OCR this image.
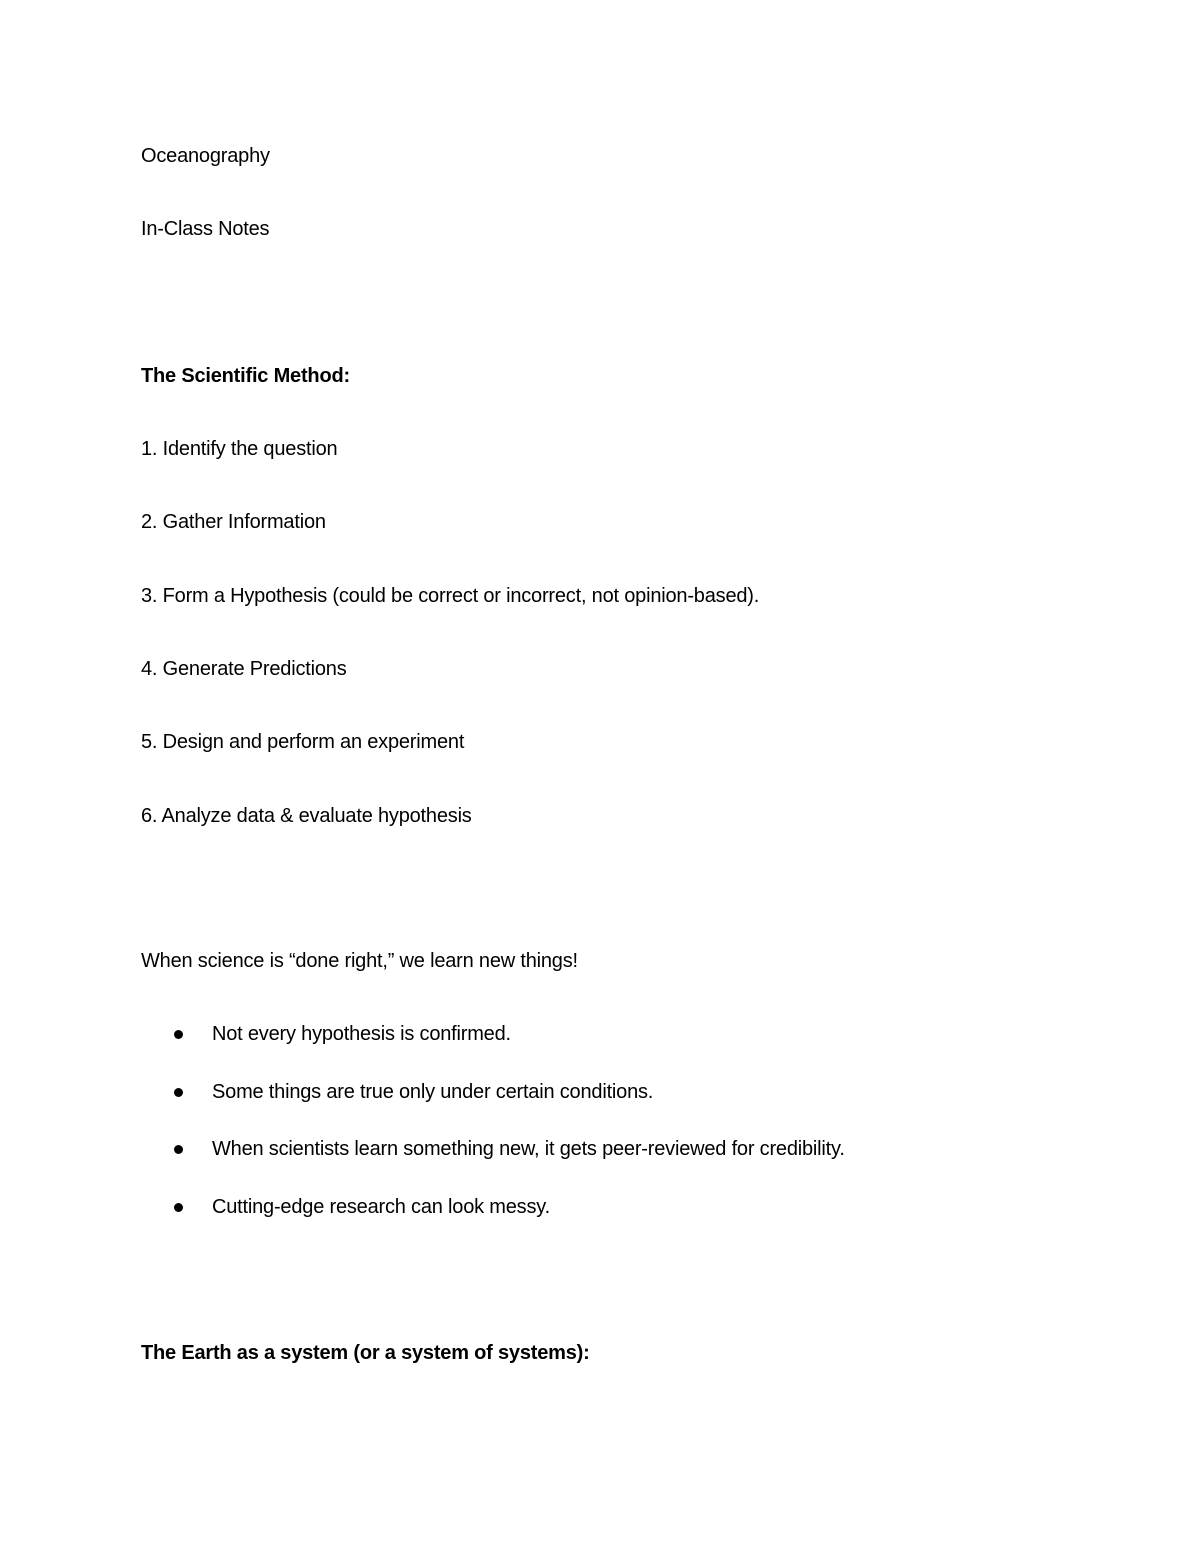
Oceanography
In-Class Notes
The Scientific Method:
1. Identify the question
2. Gather Information
3. Form a Hypothesis (could be correct or incorrect, not opinion-based).
4. Generate Predictions
5. Design and perform an experiment
6. Analyze data & evaluate hypothesis
When science is “done right,” we learn new things!
Not every hypothesis is confirmed.
Some things are true only under certain conditions.
When scientists learn something new, it gets peer-reviewed for credibility.
Cutting-edge research can look messy.
The Earth as a system (or a system of systems):
